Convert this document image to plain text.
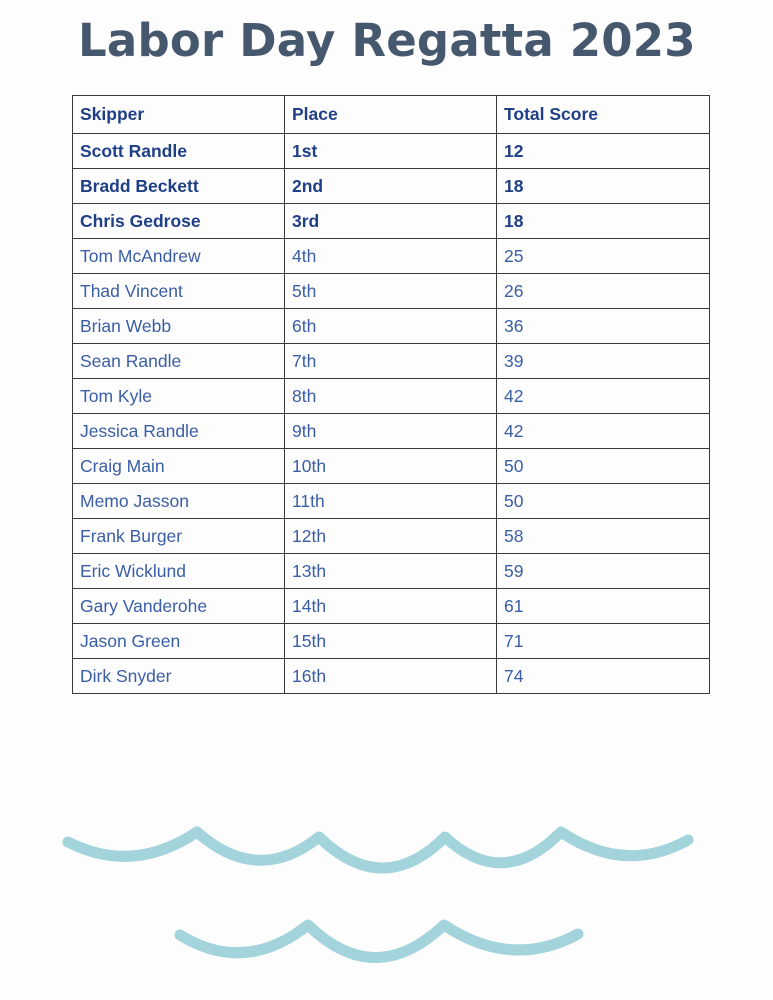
Labor Day Regatta 2023
Skipper	Place	Total Score
Scott Randle	1st	12
Bradd Beckett	2nd	18
Chris Gedrose	3rd	18
Tom McAndrew	4th	25
Thad Vincent	5th	26
Brian Webb	6th	36
Sean Randle	7th	39
Tom Kyle	8th	42
Jessica Randle	9th	42
Craig Main	10th	50
Memo Jasson	11th	50
Frank Burger	12th	58
Eric Wicklund	13th	59
Gary Vanderohe	14th	61
Jason Green	15th	71
Dirk Snyder	16th	74
